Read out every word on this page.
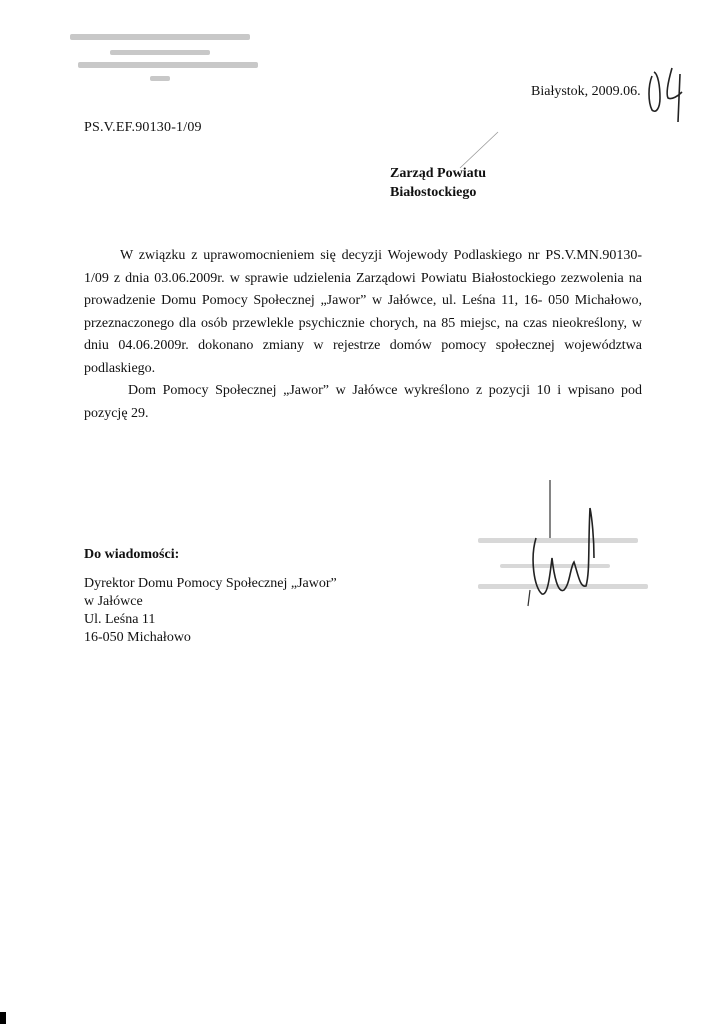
Białystok, 2009.06.
PS.V.EF.90130-1/09
Zarząd Powiatu
Białostockiego

W związku z uprawomocnieniem się decyzji Wojewody Podlaskiego nr PS.V.MN.90130-1/09 z dnia 03.06.2009r. w sprawie udzielenia Zarządowi Powiatu Białostockiego zezwolenia na prowadzenie Domu Pomocy Społecznej „Jawor” w Jałówce, ul. Leśna 11, 16- 050 Michałowo, przeznaczonego dla osób przewlekle psychicznie chorych, na 85 miejsc, na czas nieokreślony, w dniu 04.06.2009r. dokonano zmiany w rejestrze domów pomocy społecznej województwa podlaskiego.

Dom Pomocy Społecznej „Jawor” w Jałówce wykreślono z pozycji 10 i wpisano pod pozycję 29.

Do wiadomości:
Dyrektor Domu Pomocy Społecznej „Jawor”
w Jałówce
Ul. Leśna 11
16-050 Michałowo
